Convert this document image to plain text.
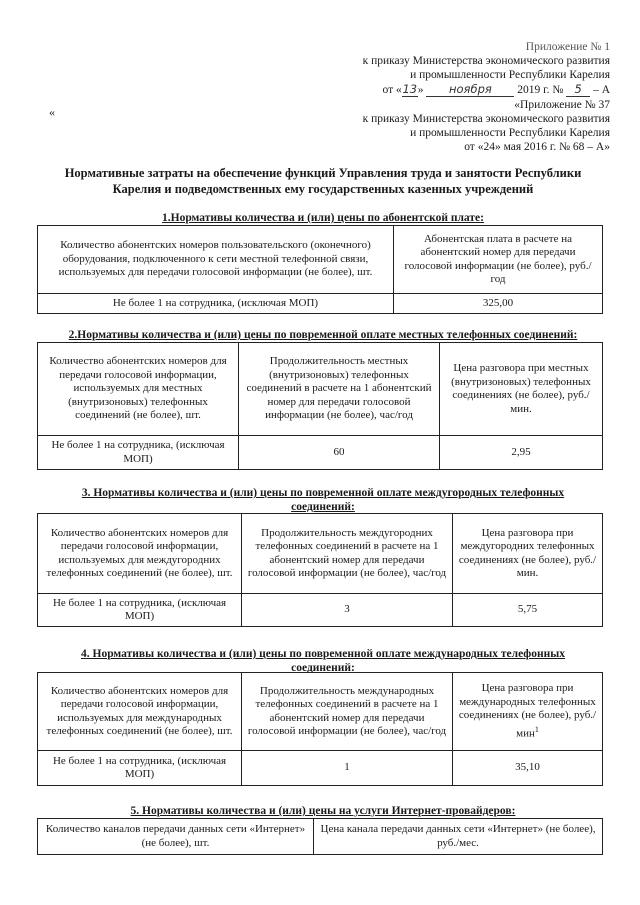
Приложение № 1
к приказу Министерства экономического развития
и промышленности Республики Карелия
от «13» ноября 2019 г. № 5 – А
«	«Приложение № 37
к приказу Министерства экономического развития
и промышленности Республики Карелия
от «24» мая 2016 г. № 68 – А»
Нормативные затраты на обеспечение функций Управления труда и занятости Республики
Карелия и подведомственных ему государственных казенных учреждений
1.Нормативы количества и (или) цены по абонентской плате:
Количество абонентских номеров пользовательского (оконечного) оборудования, подключенного к сети местной телефонной связи, используемых для передачи голосовой информации (не более), шт.	Абонентская плата в расчете на абонентский номер для передачи голосовой информации (не более), руб./год
Не более 1 на сотрудника, (исключая МОП)	325,00
2.Нормативы количества и (или) цены по повременной оплате местных телефонных соединений:
Количество абонентских номеров для передачи голосовой информации, используемых для местных (внутризоновых) телефонных соединений (не более), шт.	Продолжительность местных (внутризоновых) телефонных соединений в расчете на 1 абонентский номер для передачи голосовой информации (не более), час/год	Цена разговора при местных (внутризоновых) телефонных соединениях (не более), руб./мин.
Не более 1 на сотрудника, (исключая МОП)	60	2,95
3. Нормативы количества и (или) цены по повременной оплате междугородных телефонных
соединений:
Количество абонентских номеров для передачи голосовой информации, используемых для междугородних телефонных соединений (не более), шт.	Продолжительность междугородних телефонных соединений в расчете на 1 абонентский номер для передачи голосовой информации (не более), час/год	Цена разговора при междугородних телефонных соединениях (не более), руб./мин.
Не более 1 на сотрудника, (исключая МОП)	3	5,75
4. Нормативы количества и (или) цены по повременной оплате международных телефонных
соединений:
Количество абонентских номеров для передачи голосовой информации, используемых для международных телефонных соединений (не более), шт.	Продолжительность международных телефонных соединений в расчете на 1 абонентский номер для передачи голосовой информации (не более), час/год	Цена разговора при международных телефонных соединениях (не более), руб./мин$^1$
Не более 1 на сотрудника, (исключая МОП)	1	35,10
5. Нормативы количества и (или) цены на услуги Интернет-провайдеров:
Количество каналов передачи данных сети «Интернет» (не более), шт.	Цена канала передачи данных сети «Интернет» (не более), руб./мес.
